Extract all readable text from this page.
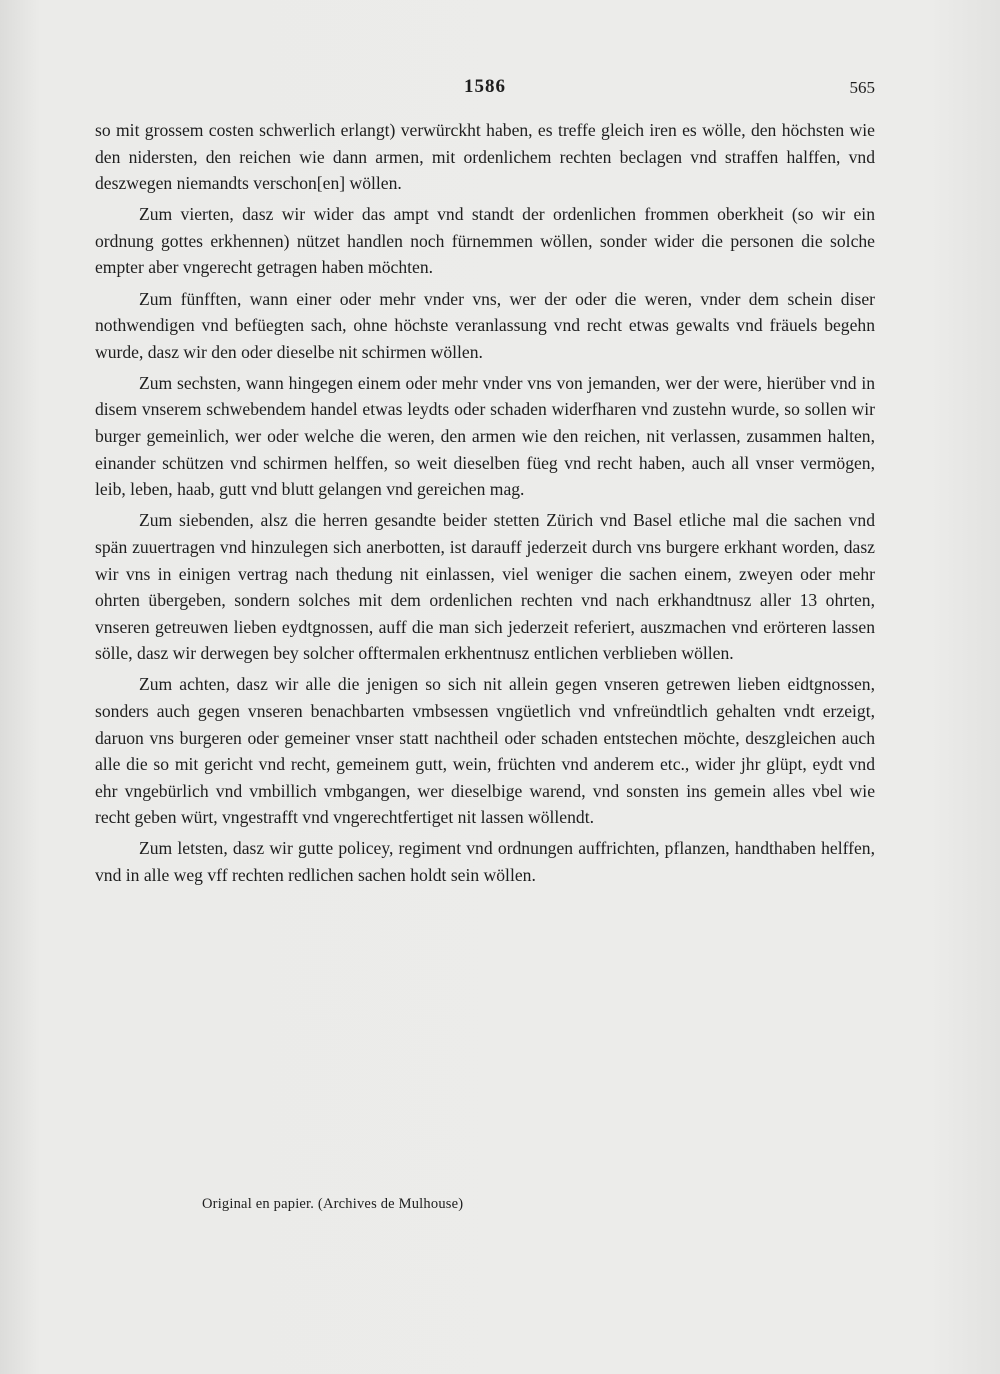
1586	565

so mit grossem costen schwerlich erlangt) verwürckht haben, es treffe gleich iren es wölle, den höchsten wie den nidersten, den reichen wie dann armen, mit ordenlichem rechten beclagen vnd straffen halffen, vnd deszwegen niemandts verschon[en] wöllen.

Zum vierten, dasz wir wider das ampt vnd standt der ordenlichen frommen oberkheit (so wir ein ordnung gottes erkhennen) nützet handlen noch fürnemmen wöllen, sonder wider die personen die solche empter aber vngerecht getragen haben möchten.

Zum fünfften, wann einer oder mehr vnder vns, wer der oder die weren, vnder dem schein diser nothwendigen vnd befüegten sach, ohne höchste veranlassung vnd recht etwas gewalts vnd fräuels begehn wurde, dasz wir den oder dieselbe nit schirmen wöllen.

Zum sechsten, wann hingegen einem oder mehr vnder vns von jemanden, wer der were, hierüber vnd in disem vnserem schwebendem handel etwas leydts oder schaden widerfharen vnd zustehn wurde, so sollen wir burger gemeinlich, wer oder welche die weren, den armen wie den reichen, nit verlassen, zusammen halten, einander schützen vnd schirmen helffen, so weit dieselben füeg vnd recht haben, auch all vnser vermögen, leib, leben, haab, gutt vnd blutt gelangen vnd gereichen mag.

Zum siebenden, alsz die herren gesandte beider stetten Zürich vnd Basel etliche mal die sachen vnd spän zuuertragen vnd hinzulegen sich anerbotten, ist darauff jederzeit durch vns burgere erkhant worden, dasz wir vns in einigen vertrag nach thedung nit einlassen, viel weniger die sachen einem, zweyen oder mehr ohrten übergeben, sondern solches mit dem ordenlichen rechten vnd nach erkhandtnusz aller 13 ohrten, vnseren getreuwen lieben eydtgnossen, auff die man sich jederzeit referiert, auszmachen vnd erörteren lassen sölle, dasz wir derwegen bey solcher offtermalen erkhentnusz entlichen verblieben wöllen.

Zum achten, dasz wir alle die jenigen so sich nit allein gegen vnseren getrewen lieben eidtgnossen, sonders auch gegen vnseren benachbarten vmbsessen vngüetlich vnd vnfreündtlich gehalten vndt erzeigt, daruon vns burgeren oder gemeiner vnser statt nachtheil oder schaden entstechen möchte, deszgleichen auch alle die so mit gericht vnd recht, gemeinem gutt, wein, früchten vnd anderem etc., wider jhr glüpt, eydt vnd ehr vngebürlich vnd vmbillich vmbgangen, wer dieselbige warend, vnd sonsten ins gemein alles vbel wie recht geben würt, vngestrafft vnd vngerechtfertiget nit lassen wöllendt.

Zum letsten, dasz wir gutte policey, regiment vnd ordnungen auffrichten, pflanzen, handthaben helffen, vnd in alle weg vff rechten redlichen sachen holdt sein wöllen.

Original en papier. (Archives de Mulhouse)
